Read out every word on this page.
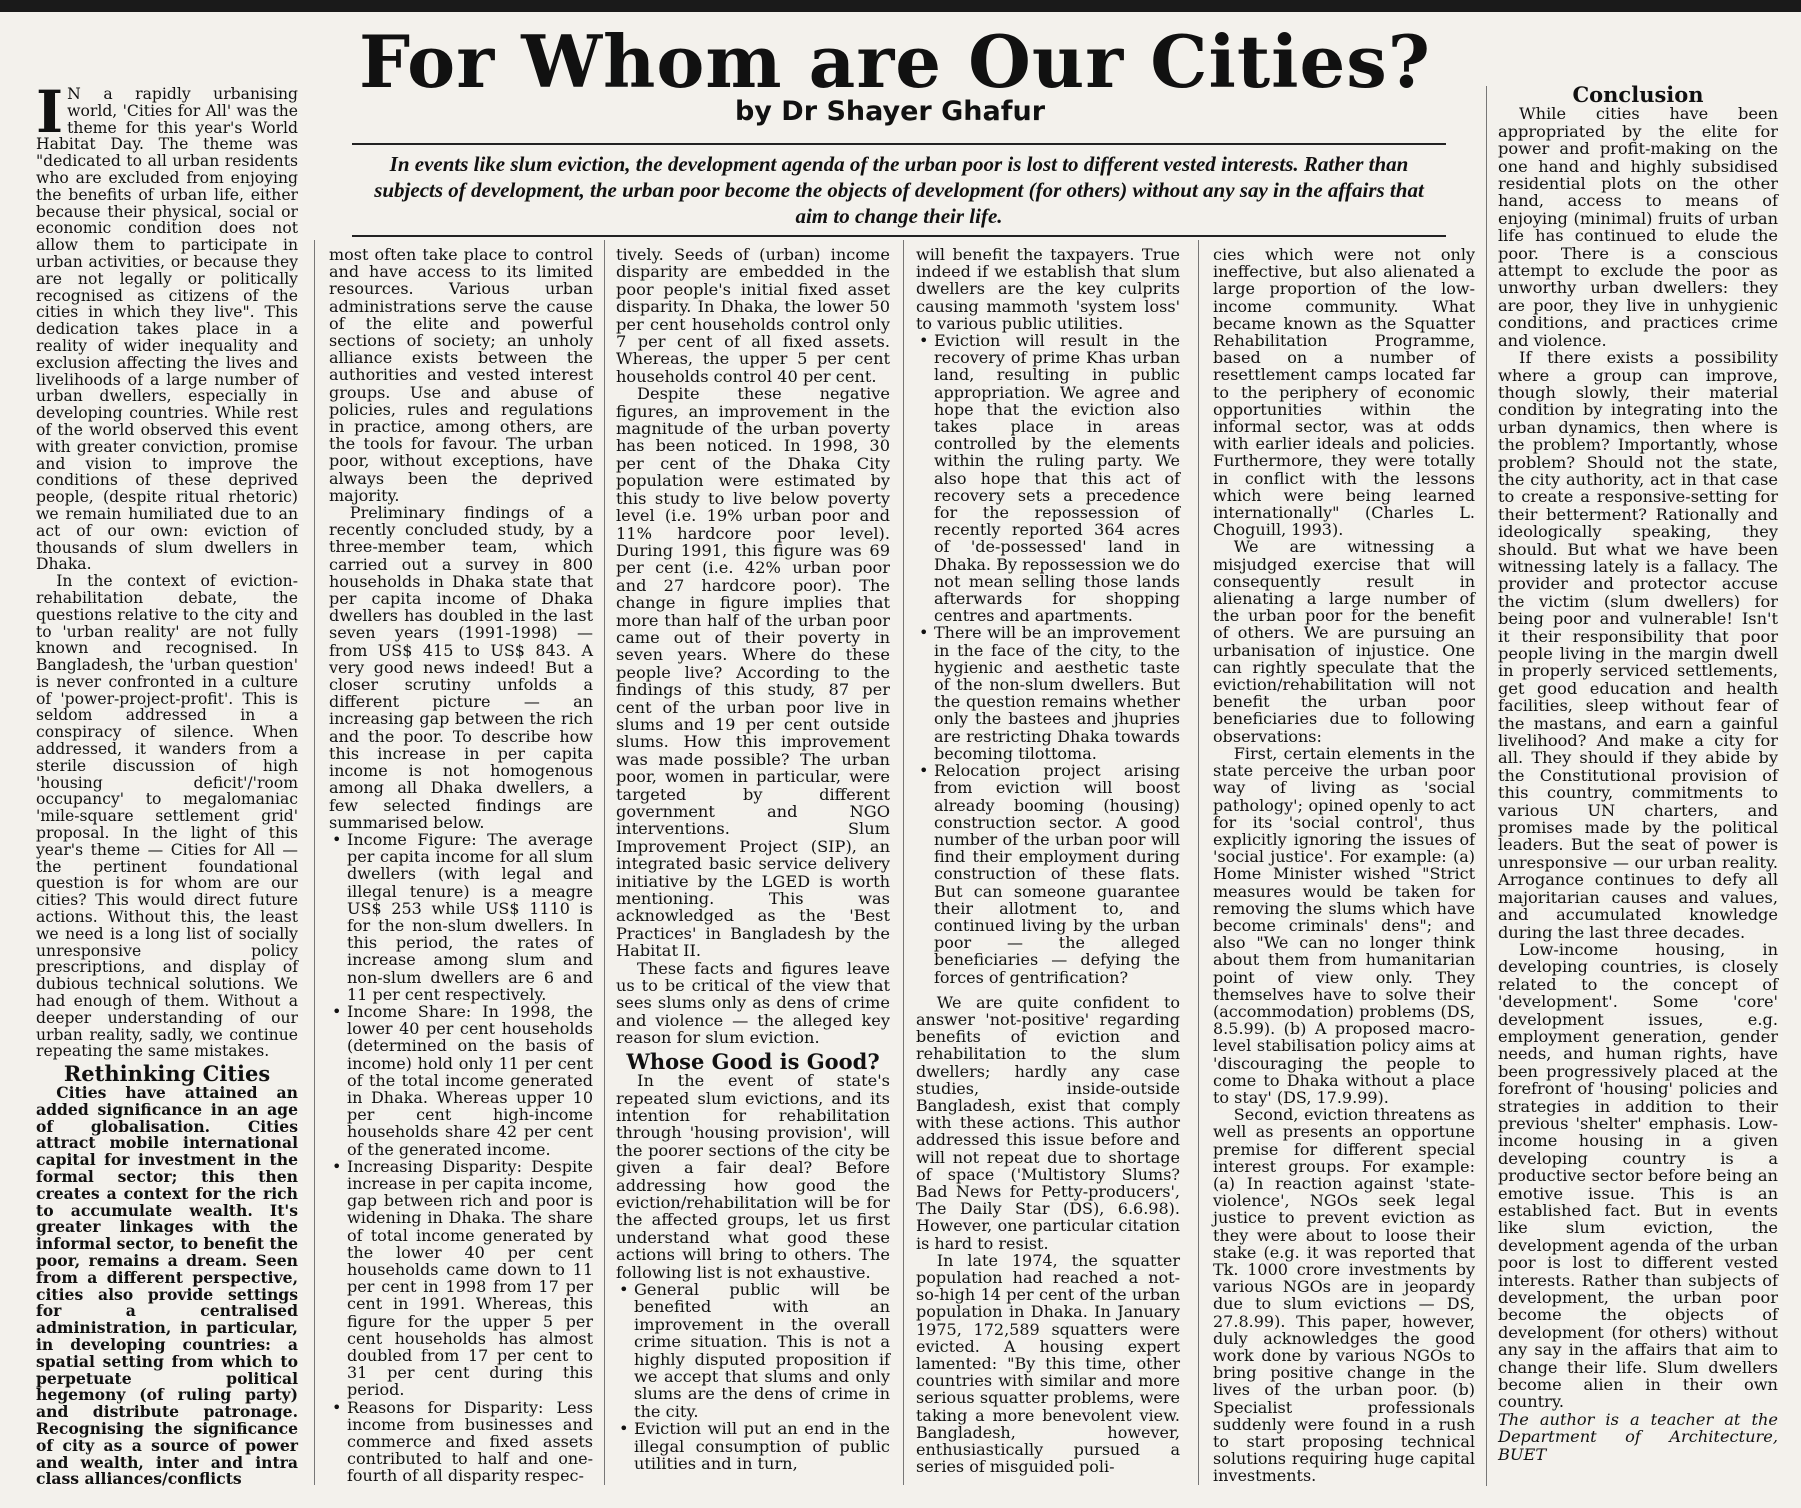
For Whom are Our Cities?
by Dr Shayer Ghafur
In events like slum eviction, the development agenda of the urban poor is lost to different vested interests. Rather than subjects of development, the urban poor become the objects of development (for others) without any say in the affairs that aim to change their life.

I N a rapidly urbanising world, 'Cities for All' was the theme for this year's World Habitat Day. The theme was "dedicated to all urban residents who are excluded from enjoying the benefits of urban life, either because their physical, social or economic condition does not allow them to participate in urban activities, or because they are not legally or politically recognised as citizens of the cities in which they live". This dedication takes place in a reality of wider inequality and exclusion affecting the lives and livelihoods of a large number of urban dwellers, especially in developing countries. While rest of the world observed this event with greater conviction, promise and vision to improve the conditions of these deprived people, (despite ritual rhetoric) we remain humiliated due to an act of our own: eviction of thousands of slum dwellers in Dhaka.

In the context of eviction-rehabilitation debate, the questions relative to the city and to 'urban reality' are not fully known and recognised. In Bangladesh, the 'urban question' is never confronted in a culture of 'power-project-profit'. This is seldom addressed in a conspiracy of silence. When addressed, it wanders from a sterile discussion of high 'housing deficit'/'room occupancy' to megalomaniac 'mile-square settlement grid' proposal. In the light of this year's theme — Cities for All — the pertinent foundational question is for whom are our cities? This would direct future actions. Without this, the least we need is a long list of socially unresponsive policy prescriptions, and display of dubious technical solutions. We had enough of them. Without a deeper understanding of our urban reality, sadly, we continue repeating the same mistakes.

Rethinking Cities

Cities have attained an added significance in an age of globalisation. Cities attract mobile international capital for investment in the formal sector; this then creates a context for the rich to accumulate wealth. It's greater linkages with the informal sector, to benefit the poor, remains a dream. Seen from a different perspective, cities also provide settings for a centralised administration, in particular, in developing countries: a spatial setting from which to perpetuate political hegemony (of ruling party) and distribute patronage. Recognising the significance of city as a source of power and wealth, inter and intra class alliances/conflicts

most often take place to control and have access to its limited resources. Various urban administrations serve the cause of the elite and powerful sections of society; an unholy alliance exists between the authorities and vested interest groups. Use and abuse of policies, rules and regulations in practice, among others, are the tools for favour. The urban poor, without exceptions, have always been the deprived majority.

Preliminary findings of a recently concluded study, by a three-member team, which carried out a survey in 800 households in Dhaka state that per capita income of Dhaka dwellers has doubled in the last seven years (1991-1998) — from US$ 415 to US$ 843. A very good news indeed! But a closer scrutiny unfolds a different picture — an increasing gap between the rich and the poor. To describe how this increase in per capita income is not homogenous among all Dhaka dwellers, a few selected findings are summarised below.

• Income Figure: The average per capita income for all slum dwellers (with legal and illegal tenure) is a meagre US$ 253 while US$ 1110 is for the non-slum dwellers. In this period, the rates of increase among slum and non-slum dwellers are 6 and 11 per cent respectively.
• Income Share: In 1998, the lower 40 per cent households (determined on the basis of income) hold only 11 per cent of the total income generated in Dhaka. Whereas upper 10 per cent high-income households share 42 per cent of the generated income.
• Increasing Disparity: Despite increase in per capita income, gap between rich and poor is widening in Dhaka. The share of total income generated by the lower 40 per cent households came down to 11 per cent in 1998 from 17 per cent in 1991. Whereas, this figure for the upper 5 per cent households has almost doubled from 17 per cent to 31 per cent during this period.
• Reasons for Disparity: Less income from businesses and commerce and fixed assets contributed to half and one-fourth of all disparity respec-

tively. Seeds of (urban) income disparity are embedded in the poor people's initial fixed asset disparity. In Dhaka, the lower 50 per cent households control only 7 per cent of all fixed assets. Whereas, the upper 5 per cent households control 40 per cent.

Despite these negative figures, an improvement in the magnitude of the urban poverty has been noticed. In 1998, 30 per cent of the Dhaka City population were estimated by this study to live below poverty level (i.e. 19% urban poor and 11% hardcore poor level). During 1991, this figure was 69 per cent (i.e. 42% urban poor and 27 hardcore poor). The change in figure implies that more than half of the urban poor came out of their poverty in seven years. Where do these people live? According to the findings of this study, 87 per cent of the urban poor live in slums and 19 per cent outside slums. How this improvement was made possible? The urban poor, women in particular, were targeted by different government and NGO interventions. Slum Improvement Project (SIP), an integrated basic service delivery initiative by the LGED is worth mentioning. This was acknowledged as the 'Best Practices' in Bangladesh by the Habitat II.

These facts and figures leave us to be critical of the view that sees slums only as dens of crime and violence — the alleged key reason for slum eviction.

Whose Good is Good?

In the event of state's repeated slum evictions, and its intention for rehabilitation through 'housing provision', will the poorer sections of the city be given a fair deal? Before addressing how good the eviction/rehabilitation will be for the affected groups, let us first understand what good these actions will bring to others. The following list is not exhaustive.

• General public will be benefited with an improvement in the overall crime situation. This is not a highly disputed proposition if we accept that slums and only slums are the dens of crime in the city.
• Eviction will put an end in the illegal consumption of public utilities and in turn,

will benefit the taxpayers. True indeed if we establish that slum dwellers are the key culprits causing mammoth 'system loss' to various public utilities.

• Eviction will result in the recovery of prime Khas urban land, resulting in public appropriation. We agree and hope that the eviction also takes place in areas controlled by the elements within the ruling party. We also hope that this act of recovery sets a precedence for the repossession of recently reported 364 acres of 'de-possessed' land in Dhaka. By repossession we do not mean selling those lands afterwards for shopping centres and apartments.
• There will be an improvement in the face of the city, to the hygienic and aesthetic taste of the non-slum dwellers. But the question remains whether only the bastees and jhupries are restricting Dhaka towards becoming tilottoma.
• Relocation project arising from eviction will boost already booming (housing) construction sector. A good number of the urban poor will find their employment during construction of these flats. But can someone guarantee their allotment to, and continued living by the urban poor — the alleged beneficiaries — defying the forces of gentrification?

We are quite confident to answer 'not-positive' regarding benefits of eviction and rehabilitation to the slum dwellers; hardly any case studies, inside-outside Bangladesh, exist that comply with these actions. This author addressed this issue before and will not repeat due to shortage of space ('Multistory Slums? Bad News for Petty-producers', The Daily Star (DS), 6.6.98). However, one particular citation is hard to resist.

In late 1974, the squatter population had reached a not-so-high 14 per cent of the urban population in Dhaka. In January 1975, 172,589 squatters were evicted. A housing expert lamented: "By this time, other countries with similar and more serious squatter problems, were taking a more benevolent view. Bangladesh, however, enthusiastically pursued a series of misguided poli-

cies which were not only ineffective, but also alienated a large proportion of the low-income community. What became known as the Squatter Rehabilitation Programme, based on a number of resettlement camps located far to the periphery of economic opportunities within the informal sector, was at odds with earlier ideals and policies. Furthermore, they were totally in conflict with the lessons which were being learned internationally" (Charles L. Choguill, 1993).

We are witnessing a misjudged exercise that will consequently result in alienating a large number of the urban poor for the benefit of others. We are pursuing an urbanisation of injustice. One can rightly speculate that the eviction/rehabilitation will not benefit the urban poor beneficiaries due to following observations:

First, certain elements in the state perceive the urban poor way of living as 'social pathology'; opined openly to act for its 'social control', thus explicitly ignoring the issues of 'social justice'. For example: (a) Home Minister wished "Strict measures would be taken for removing the slums which have become criminals' dens"; and also "We can no longer think about them from humanitarian point of view only. They themselves have to solve their (accommodation) problems (DS, 8.5.99). (b) A proposed macro-level stabilisation policy aims at 'discouraging the people to come to Dhaka without a place to stay' (DS, 17.9.99).

Second, eviction threatens as well as presents an opportune premise for different special interest groups. For example: (a) In reaction against 'state-violence', NGOs seek legal justice to prevent eviction as they were about to loose their stake (e.g. it was reported that Tk. 1000 crore investments by various NGOs are in jeopardy due to slum evictions — DS, 27.8.99). This paper, however, duly acknowledges the good work done by various NGOs to bring positive change in the lives of the urban poor. (b) Specialist professionals suddenly were found in a rush to start proposing technical solutions requiring huge capital investments.

Conclusion

While cities have been appropriated by the elite for power and profit-making on the one hand and highly subsidised residential plots on the other hand, access to means of enjoying (minimal) fruits of urban life has continued to elude the poor. There is a conscious attempt to exclude the poor as unworthy urban dwellers: they are poor, they live in unhygienic conditions, and practices crime and violence.

If there exists a possibility where a group can improve, though slowly, their material condition by integrating into the urban dynamics, then where is the problem? Importantly, whose problem? Should not the state, the city authority, act in that case to create a responsive-setting for their betterment? Rationally and ideologically speaking, they should. But what we have been witnessing lately is a fallacy. The provider and protector accuse the victim (slum dwellers) for being poor and vulnerable! Isn't it their responsibility that poor people living in the margin dwell in properly serviced settlements, get good education and health facilities, sleep without fear of the mastans, and earn a gainful livelihood? And make a city for all. They should if they abide by the Constitutional provision of this country, commitments to various UN charters, and promises made by the political leaders. But the seat of power is unresponsive — our urban reality. Arrogance continues to defy all majoritarian causes and values, and accumulated knowledge during the last three decades.

Low-income housing, in developing countries, is closely related to the concept of 'development'. Some 'core' development issues, e.g. employment generation, gender needs, and human rights, have been progressively placed at the forefront of 'housing' policies and strategies in addition to their previous 'shelter' emphasis. Low-income housing in a given developing country is a productive sector before being an emotive issue. This is an established fact. But in events like slum eviction, the development agenda of the urban poor is lost to different vested interests. Rather than subjects of development, the urban poor become the objects of development (for others) without any say in the affairs that aim to change their life. Slum dwellers become alien in their own country.

The author is a teacher at the Department of Architecture, BUET
